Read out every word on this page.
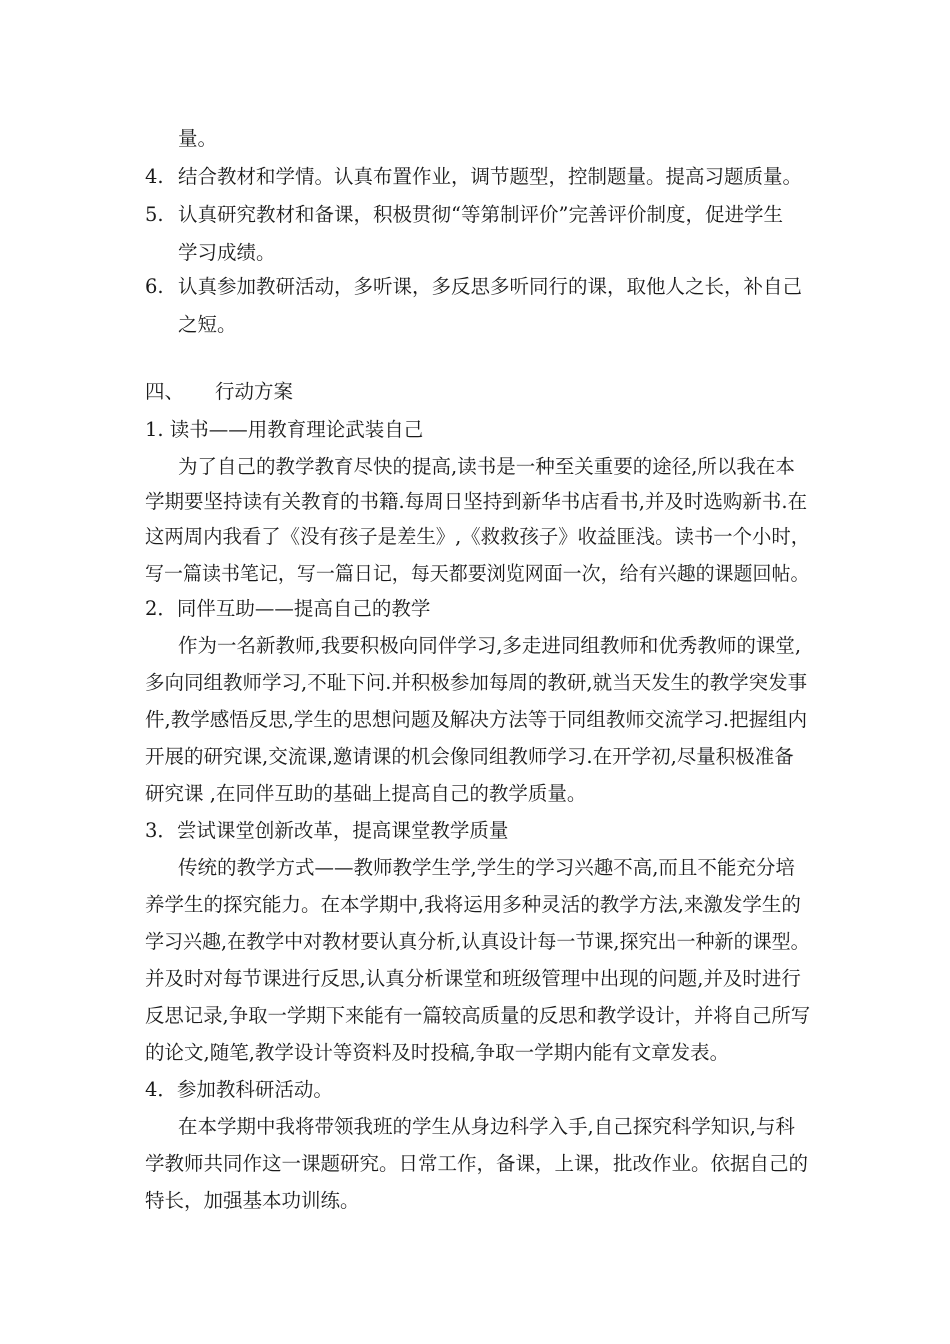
量。
4. 结合教材和学情。认真布置作业，调节题型，控制题量。提高习题质量。
5. 认真研究教材和备课，积极贯彻“等第制评价”完善评价制度，促进学生
学习成绩。
6. 认真参加教研活动，多听课，多反思多听同行的课，取他人之长，补自己
之短。
四、 行动方案
1. 读书——用教育理论武装自己
为了自己的教学教育尽快的提高,读书是一种至关重要的途径,所以我在本
学期要坚持读有关教育的书籍.每周日坚持到新华书店看书,并及时选购新书.在
这两周内我看了《没有孩子是差生》,《救救孩子》收益匪浅。读书一个小时，
写一篇读书笔记，写一篇日记，每天都要浏览网面一次，给有兴趣的课题回帖。
2．同伴互助——提高自己的教学
作为一名新教师,我要积极向同伴学习,多走进同组教师和优秀教师的课堂,
多向同组教师学习,不耻下问.并积极参加每周的教研,就当天发生的教学突发事
件,教学感悟反思,学生的思想问题及解决方法等于同组教师交流学习.把握组内
开展的研究课,交流课,邀请课的机会像同组教师学习.在开学初,尽量积极准备
研究课 ,在同伴互助的基础上提高自己的教学质量。
3．尝试课堂创新改革，提高课堂教学质量
传统的教学方式——教师教学生学,学生的学习兴趣不高,而且不能充分培
养学生的探究能力。在本学期中,我将运用多种灵活的教学方法,来激发学生的
学习兴趣,在教学中对教材要认真分析,认真设计每一节课,探究出一种新的课型。
并及时对每节课进行反思,认真分析课堂和班级管理中出现的问题,并及时进行
反思记录,争取一学期下来能有一篇较高质量的反思和教学设计，并将自己所写
的论文,随笔,教学设计等资料及时投稿,争取一学期内能有文章发表。
4．参加教科研活动。
在本学期中我将带领我班的学生从身边科学入手,自己探究科学知识,与科
学教师共同作这一课题研究。日常工作，备课，上课，批改作业。依据自己的
特长，加强基本功训练。
